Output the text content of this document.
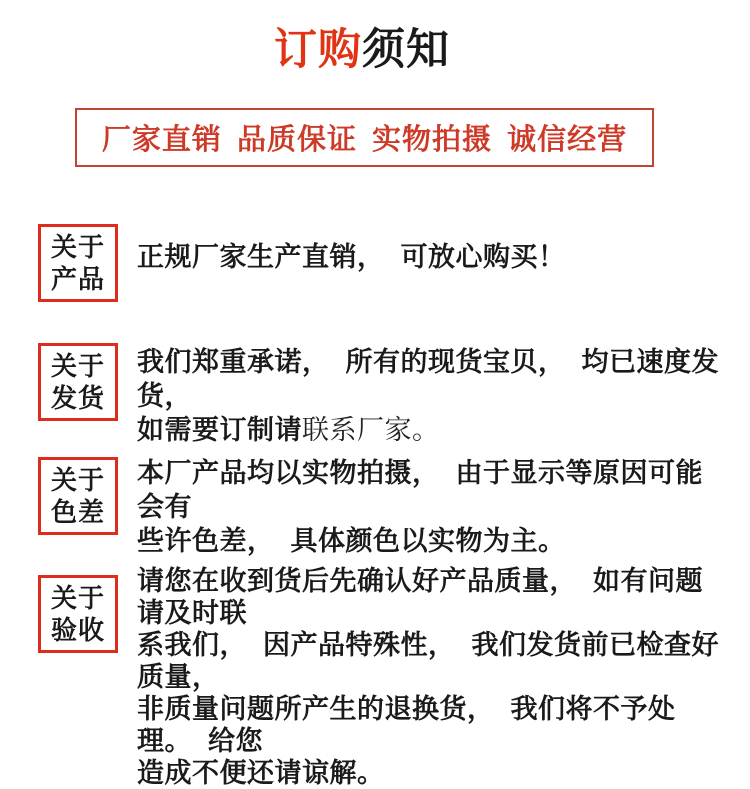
订购须知
厂家直销 品质保证 实物拍摄 诚信经营
关于
产品
正规厂家生产直销，  可放心购买！
关于
发货
我们郑重承诺，  所有的现货宝贝，  均已速度发货，
如需要订制请联系厂家。
关于
色差
本厂产品均以实物拍摄，  由于显示等原因可能会有
些许色差，  具体颜色以实物为主。
关于
验收
请您在收到货后先确认好产品质量，  如有问题请及时联
系我们，  因产品特殊性，  我们发货前已检查好质量，
非质量问题所产生的退换货，  我们将不予处理。  给您
造成不便还请谅解。
